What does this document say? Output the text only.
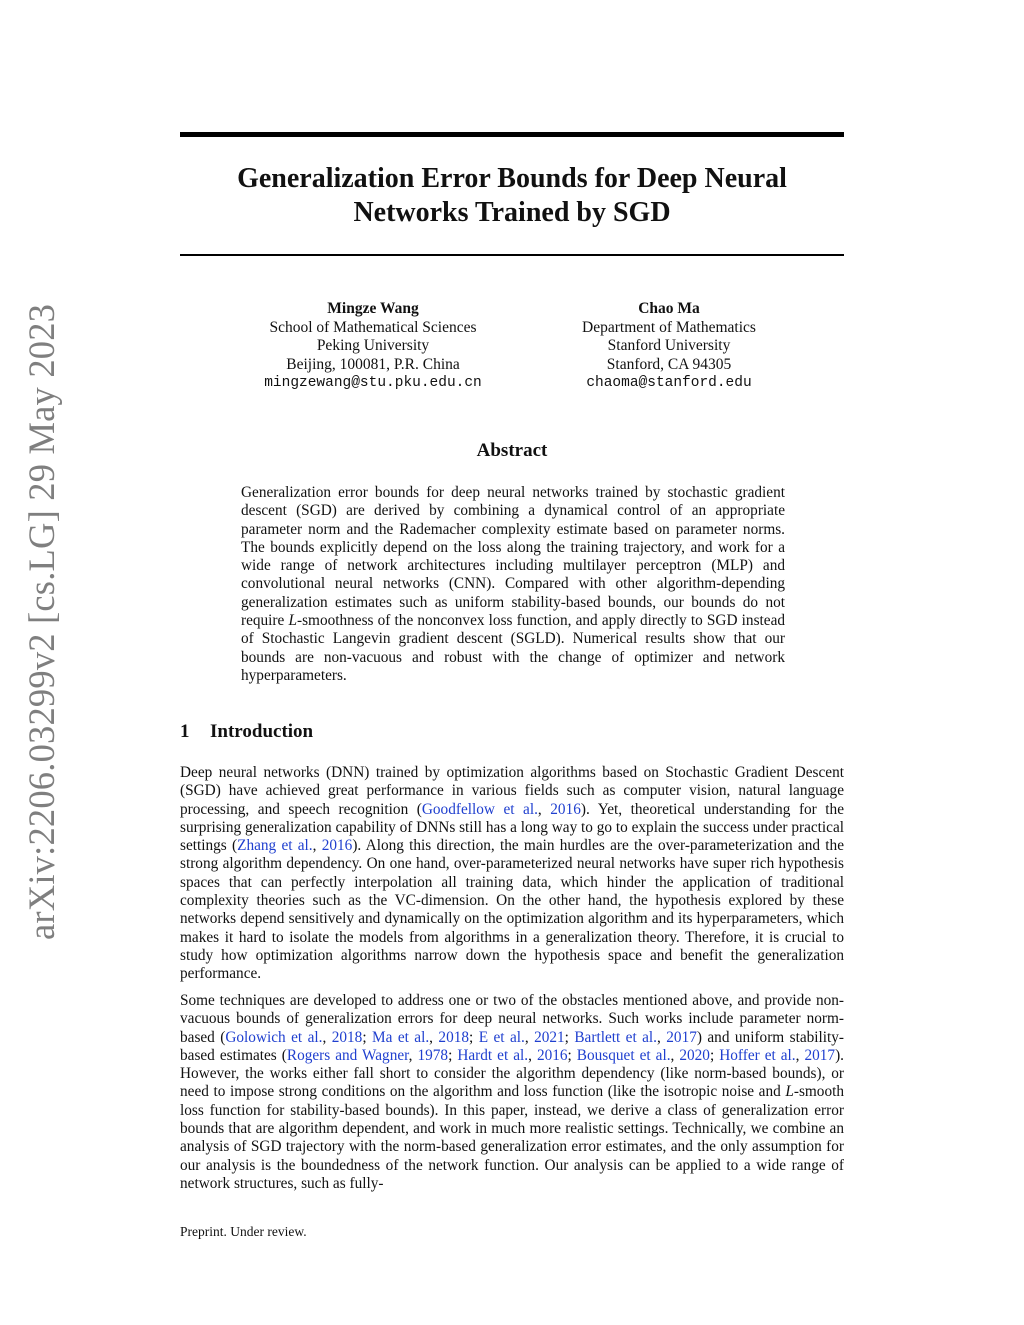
arXiv:2206.03299v2 [cs.LG] 29 May 2023
Generalization Error Bounds for Deep Neural
Networks Trained by SGD
Mingze Wang
School of Mathematical Sciences
Peking University
Beijing, 100081, P.R. China
mingzewang@stu.pku.edu.cn
Chao Ma
Department of Mathematics
Stanford University
Stanford, CA 94305
chaoma@stanford.edu
Abstract
Generalization error bounds for deep neural networks trained by stochastic gradient descent (SGD) are derived by combining a dynamical control of an appropriate parameter norm and the Rademacher complexity estimate based on parameter norms. The bounds explicitly depend on the loss along the training trajectory, and work for a wide range of network architectures including multilayer perceptron (MLP) and convolutional neural networks (CNN). Compared with other algorithm-depending generalization estimates such as uniform stability-based bounds, our bounds do not require L-smoothness of the nonconvex loss function, and apply directly to SGD instead of Stochastic Langevin gradient descent (SGLD). Numerical results show that our bounds are non-vacuous and robust with the change of optimizer and network hyperparameters.
1 Introduction
Deep neural networks (DNN) trained by optimization algorithms based on Stochastic Gradient Descent (SGD) have achieved great performance in various fields such as computer vision, natural language processing, and speech recognition (Goodfellow et al., 2016). Yet, theoretical understanding for the surprising generalization capability of DNNs still has a long way to go to explain the success under practical settings (Zhang et al., 2016). Along this direction, the main hurdles are the over-parameterization and the strong algorithm dependency. On one hand, over-parameterized neural networks have super rich hypothesis spaces that can perfectly interpolation all training data, which hinder the application of traditional complexity theories such as the VC-dimension. On the other hand, the hypothesis explored by these networks depend sensitively and dynamically on the optimization algorithm and its hyperparameters, which makes it hard to isolate the models from algorithms in a generalization theory. Therefore, it is crucial to study how optimization algorithms narrow down the hypothesis space and benefit the generalization performance.
Some techniques are developed to address one or two of the obstacles mentioned above, and provide non-vacuous bounds of generalization errors for deep neural networks. Such works include parameter norm-based (Golowich et al., 2018; Ma et al., 2018; E et al., 2021; Bartlett et al., 2017) and uniform stability-based estimates (Rogers and Wagner, 1978; Hardt et al., 2016; Bousquet et al., 2020; Hoffer et al., 2017). However, the works either fall short to consider the algorithm dependency (like norm-based bounds), or need to impose strong conditions on the algorithm and loss function (like the isotropic noise and L-smooth loss function for stability-based bounds). In this paper, instead, we derive a class of generalization error bounds that are algorithm dependent, and work in much more realistic settings. Technically, we combine an analysis of SGD trajectory with the norm-based generalization error estimates, and the only assumption for our analysis is the boundedness of the network function. Our analysis can be applied to a wide range of network structures, such as fully-
Preprint. Under review.
